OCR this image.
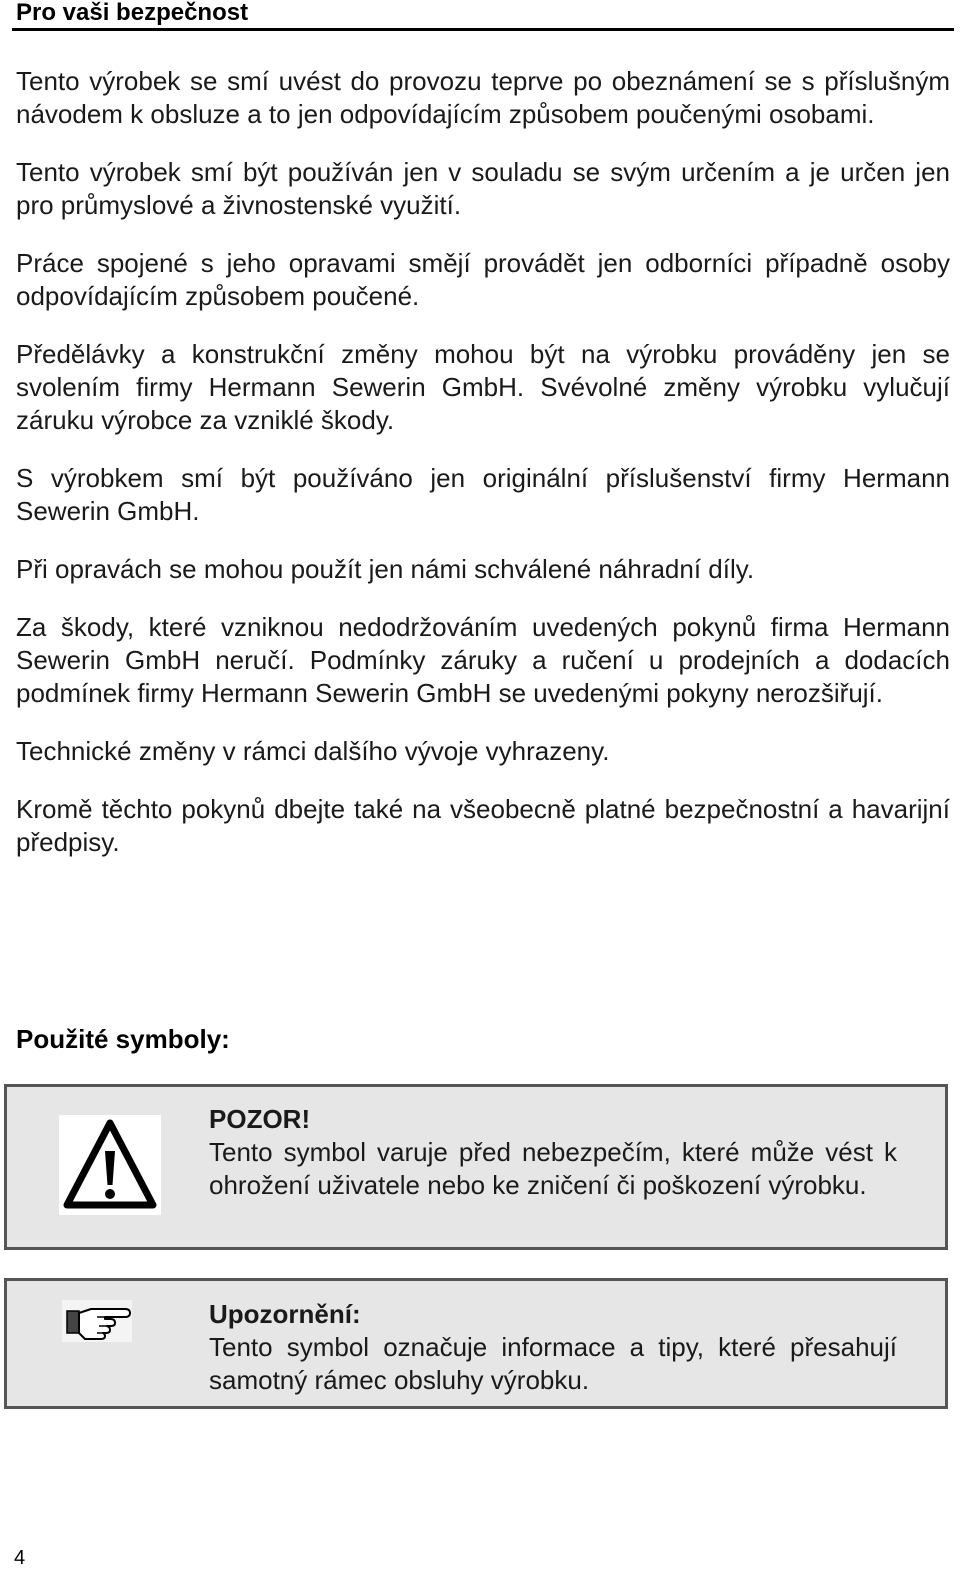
Pro vaši bezpečnost

Tento výrobek se smí uvést do provozu teprve po obeznámení se s příslušným návodem k obsluze a to jen odpovídajícím způsobem poučenými osobami.

Tento výrobek smí být používán jen v souladu se svým určením a je určen jen pro průmyslové a živnostenské využití.

Práce spojené s jeho opravami smějí provádět jen odborníci případně osoby odpovídajícím způsobem poučené.

Předělávky a konstrukční změny mohou být na výrobku prováděny jen se svolením firmy Hermann Sewerin GmbH. Svévolné změny výrobku vylučují záruku výrobce za vzniklé škody.

S výrobkem smí být používáno jen originální příslušenství firmy Hermann Sewerin GmbH.

Při opravách se mohou použít jen námi schválené náhradní díly.

Za škody, které vzniknou nedodržováním uvedených pokynů firma Hermann Sewerin GmbH neručí. Podmínky záruky a ručení u prodejních a dodacích podmínek firmy Hermann Sewerin GmbH se uvedenými pokyny nerozšiřují.

Technické změny v rámci dalšího vývoje vyhrazeny.

Kromě těchto pokynů dbejte také na všeobecně platné bezpečnostní a havarijní předpisy.

Použité symboly:
POZOR!
Tento symbol varuje před nebezpečím, které může vést k ohrožení uživatele nebo ke zničení či poškození výrobku.
Upozornění:
Tento symbol označuje informace a tipy, které přesahují samotný rámec obsluhy výrobku.
4
